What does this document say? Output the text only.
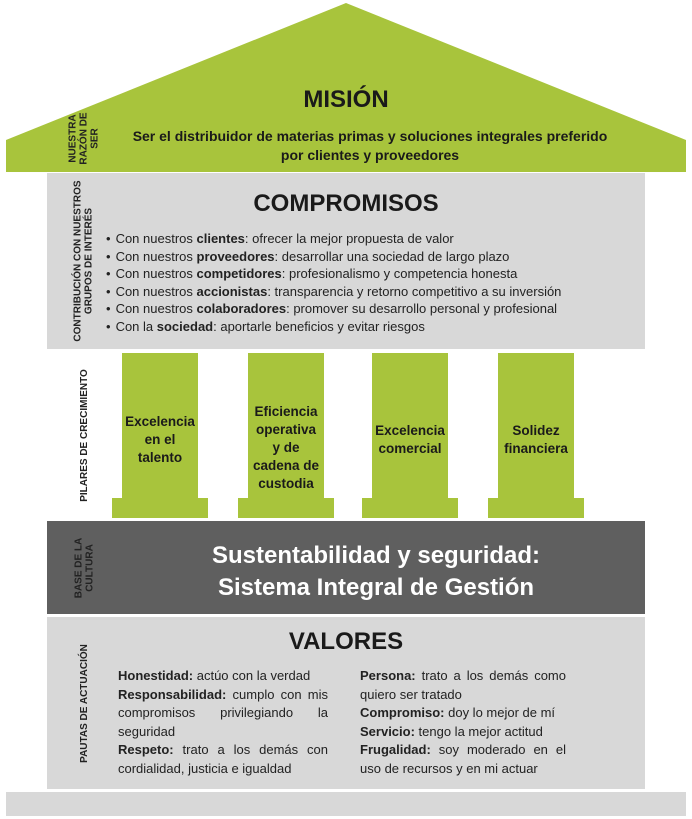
NUESTRA RAZÓN DE SER
CONTRIBUCIÓN CON NUESTROS GRUPOS DE INTERÉS
PILARES DE CRECIMIENTO
BASE DE LA CULTURA
PAUTAS DE ACTUACIÓN
MISIÓN
Ser el distribuidor de materias primas y soluciones integrales preferido
por clientes y proveedores
COMPROMISOS
• Con nuestros clientes: ofrecer la mejor propuesta de valor
• Con nuestros proveedores: desarrollar una sociedad de largo plazo
• Con nuestros competidores: profesionalismo y competencia honesta
• Con nuestros accionistas: transparencia y retorno competitivo a su inversión
• Con nuestros colaboradores: promover su desarrollo personal y profesional
• Con la sociedad: aportarle beneficios y evitar riesgos
Excelencia
en el
talento
Eficiencia
operativa
y de
cadena de
custodia
Excelencia
comercial
Solidez
financiera
Sustentabilidad y seguridad:
Sistema Integral de Gestión
VALORES

Honestidad: actúo con la verdad

Responsabilidad: cumplo con mis compromisos privilegiando la seguridad

Respeto: trato a los demás con cordialidad, justicia e igualdad

Persona: trato a los demás como quiero ser tratado

Compromiso: doy lo mejor de mí

Servicio: tengo la mejor actitud

Frugalidad: soy moderado en el uso de recursos y en mi actuar
